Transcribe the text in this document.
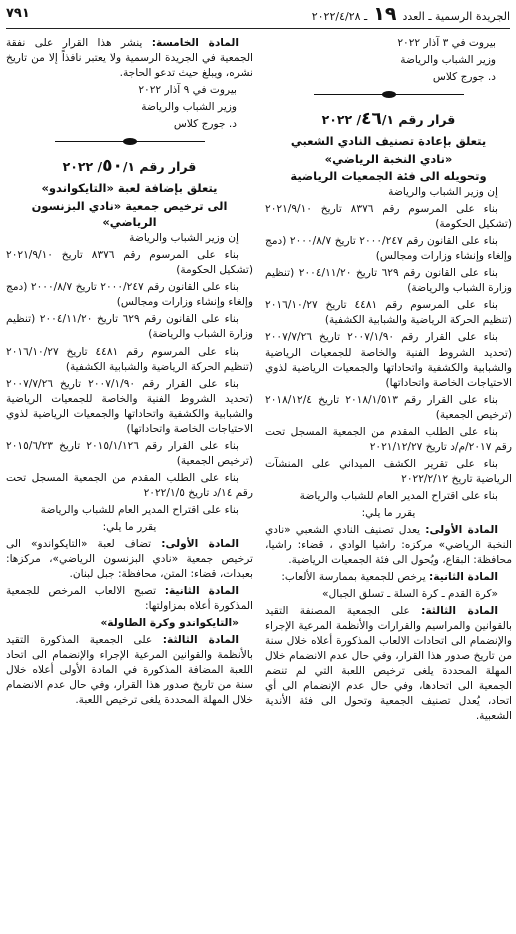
الجريدة الرسمية ـ العدد
١٩
ـ ٢٠٢٢/٤/٢٨
٧٩١

بيروت في ٣ آذار ٢٠٢٢

وزير الشباب والرياضة

د. جورج كلاس

قرار رقم ٤٦/١/ ٢٠٢٢
يتعلق بإعادة تصنيف النادي الشعبي
«نادي النخبة الرياضي»
وتحويله الى فئة الجمعيات الرياضية

إن وزير الشباب والرياضة

بناء على المرسوم رقم ٨٣٧٦ تاريخ ٢٠٢١/٩/١٠ (تشكيل الحكومة)

بناء على القانون رقم ٢٠٠٠/٢٤٧ تاريخ ٢٠٠٠/٨/٧ (دمج وإلغاء وإنشاء وزارات ومجالس)

بناء على القانون رقم ٦٢٩ تاريخ ٢٠٠٤/١١/٢٠ (تنظيم وزارة الشباب والرياضة)

بناء على المرسوم رقم ٤٤٨١ تاريخ ٢٠١٦/١٠/٢٧ (تنظيم الحركة الرياضية والشبابية الكشفية)

بناء على القرار رقم ٢٠٠٧/١/٩٠ تاريخ ٢٠٠٧/٧/٢٦ (تحديد الشروط الفنية والخاصة للجمعيات الرياضية والشبابية والكشفية واتحاداتها والجمعيات الرياضية لذوي الاحتياجات الخاصة واتحاداتها)

بناء على القرار رقم ٢٠١٨/١/٥١٣ تاريخ ٢٠١٨/١٢/٤ (ترخيص الجمعية)

بناء على الطلب المقدم من الجمعية المسجل تحت رقم ٢٠١٧/م/د تاريخ ٢٠٢١/١٢/٢٧

بناء على تقرير الكشف الميداني على المنشآت الرياضية تاريخ ٢٠٢٢/٢/١٢

بناء على اقتراح المدير العام للشباب والرياضة

يقرر ما يلي:

المادة الأولى: يعدل تصنيف النادي الشعبي «نادي النخبة الرياضي» مركزه: راشيا الوادي ، قضاء: راشيا، محافظة: البقاع، ويُحول الى فئة الجمعيات الرياضية.

المادة الثانية: يرخص للجمعية بممارسة الألعاب:

«كرة القدم ـ كرة السلة ـ تسلق الجبال»

المادة الثالثة: على الجمعية المصنفة التقيد بالقوانين والمراسيم والقرارات والأنظمة المرعية الإجراء والإنضمام الى اتحادات الالعاب المذكورة أعلاه خلال سنة من تاريخ صدور هذا القرار، وفي حال عدم الانضمام خلال المهلة المحددة يلغى ترخيص اللعبة التي لم تنضم الجمعية الى اتحادها، وفي حال عدم الإنضمام الى أي اتحاد، يُعدل تصنيف الجمعية وتحول الى فئة الأندية الشعبية.

المادة الخامسة: ينشر هذا القرار على نفقة الجمعية في الجريدة الرسمية ولا يعتبر نافذاً إلا من تاريخ نشره، ويبلغ حيث تدعو الحاجة.

بيروت في ٩ آذار ٢٠٢٢

وزير الشباب والرياضة

د. جورج كلاس

قرار رقم ٥٠/١/ ٢٠٢٢
يتعلق بإضافة لعبة «التايكواندو»
الى ترخيص جمعية «نادي البزنسون الرياضي»

إن وزير الشباب والرياضة

بناء على المرسوم رقم ٨٣٧٦ تاريخ ٢٠٢١/٩/١٠ (تشكيل الحكومة)

بناء على القانون رقم ٢٠٠٠/٢٤٧ تاريخ ٢٠٠٠/٨/٧ (دمج وإلغاء وإنشاء وزارات ومجالس)

بناء على القانون رقم ٦٢٩ تاريخ ٢٠٠٤/١١/٢٠ (تنظيم وزارة الشباب والرياضة)

بناء على المرسوم رقم ٤٤٨١ تاريخ ٢٠١٦/١٠/٢٧ (تنظيم الحركة الرياضية والشبابية الكشفية)

بناء على القرار رقم ٢٠٠٧/١/٩٠ تاريخ ٢٠٠٧/٧/٢٦ (تحديد الشروط الفنية والخاصة للجمعيات الرياضية والشبابية والكشفية واتحاداتها والجمعيات الرياضية لذوي الاحتياجات الخاصة واتحاداتها)

بناء على القرار رقم ٢٠١٥/١/١٢٦ تاريخ ٢٠١٥/٦/٢٣ (ترخيص الجمعية)

بناء على الطلب المقدم من الجمعية المسجل تحت رقم ١٤/د تاريخ ٢٠٢٢/١/٥

بناء على اقتراح المدير العام للشباب والرياضة

يقرر ما يلي:

المادة الأولى: تضاف لعبة «التايكواندو» الى ترخيص جمعية «نادي البزنسون الرياضي»، مركزها: بعبدات، قضاء: المتن، محافظة: جبل لبنان.

المادة الثانية: تصبح الالعاب المرخص للجمعية المذكورة أعلاه بمزاولتها:

«التايكواندو وكرة الطاولة»

المادة الثالثة: على الجمعية المذكورة التقيد بالأنظمة والقوانين المرعية الإجراء والإنضمام الى اتحاد اللعبة المضافة المذكورة في المادة الأولى أعلاه خلال سنة من تاريخ صدور هذا القرار، وفي حال عدم الانضمام خلال المهلة المحددة يلغى ترخيص اللعبة.
